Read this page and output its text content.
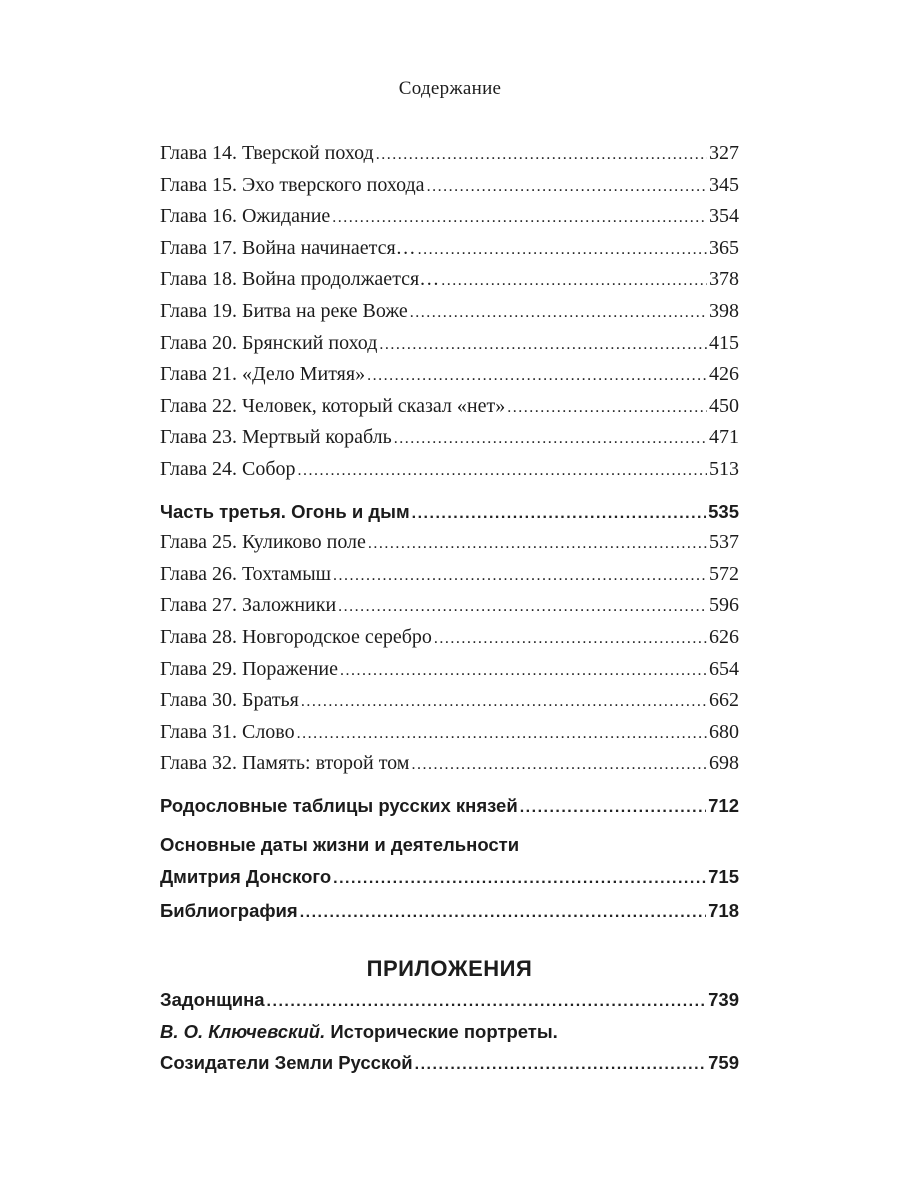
Содержание
Глава 14. Тверской поход .....	327
Глава 15. Эхо тверского похода .....	345
Глава 16. Ожидание .....	354
Глава 17. Война начинается… .....	365
Глава 18. Война продолжается… .....	378
Глава 19. Битва на реке Воже .....	398
Глава 20. Брянский поход .....	415
Глава 21. «Дело Митяя» .....	426
Глава 22. Человек, который сказал «нет» .....	450
Глава 23. Мертвый корабль .....	471
Глава 24. Собор .....	513
Часть третья. Огонь и дым .....	535
Глава 25. Куликово поле .....	537
Глава 26. Тохтамыш .....	572
Глава 27. Заложники .....	596
Глава 28. Новгородское серебро .....	626
Глава 29. Поражение .....	654
Глава 30. Братья .....	662
Глава 31. Слово .....	680
Глава 32. Память: второй том .....	698
Родословные таблицы русских князей .....	712
Основные даты жизни и деятельности
Дмитрия Донского .....	715
Библиография .....	718
ПРИЛОЖЕНИЯ
Задонщина .....	739
В. О. Ключевский. Исторические портреты.
Созидатели Земли Русской .....	759
